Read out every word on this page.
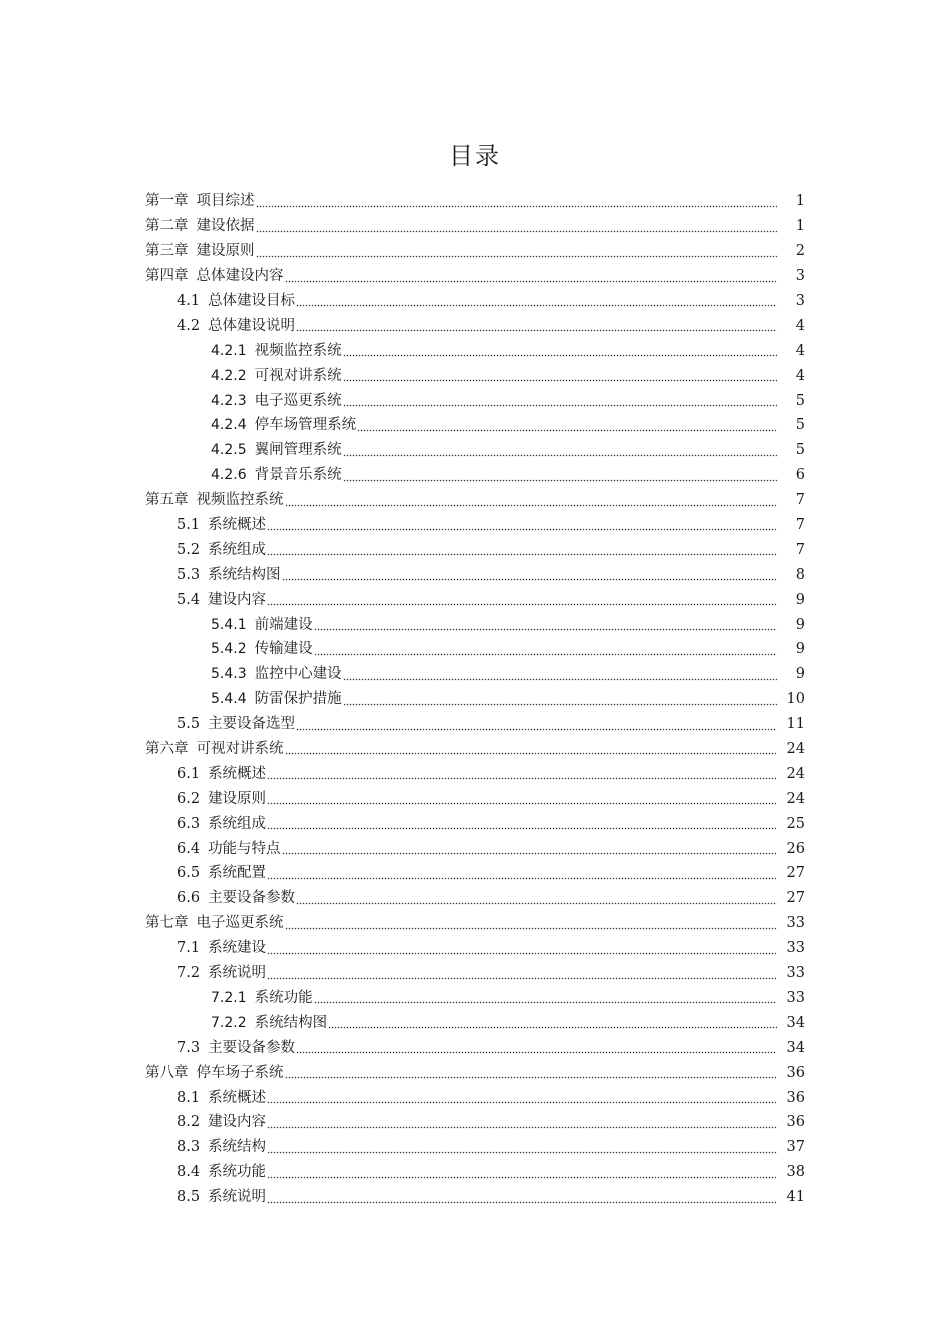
目录
第一章 项目综述	1
第二章 建设依据	1
第三章 建设原则	2
第四章 总体建设内容	3
4.1 总体建设目标	3
4.2 总体建设说明	4
4.2.1 视频监控系统	4
4.2.2 可视对讲系统	4
4.2.3 电子巡更系统	5
4.2.4 停车场管理系统	5
4.2.5 翼闸管理系统	5
4.2.6 背景音乐系统	6
第五章 视频监控系统	7
5.1 系统概述	7
5.2 系统组成	7
5.3 系统结构图	8
5.4 建设内容	9
5.4.1 前端建设	9
5.4.2 传输建设	9
5.4.3 监控中心建设	9
5.4.4 防雷保护措施	10
5.5 主要设备选型	11
第六章 可视对讲系统	24
6.1 系统概述	24
6.2 建设原则	24
6.3 系统组成	25
6.4 功能与特点	26
6.5 系统配置	27
6.6 主要设备参数	27
第七章 电子巡更系统	33
7.1 系统建设	33
7.2 系统说明	33
7.2.1 系统功能	33
7.2.2 系统结构图	34
7.3 主要设备参数	34
第八章 停车场子系统	36
8.1 系统概述	36
8.2 建设内容	36
8.3 系统结构	37
8.4 系统功能	38
8.5 系统说明	41
